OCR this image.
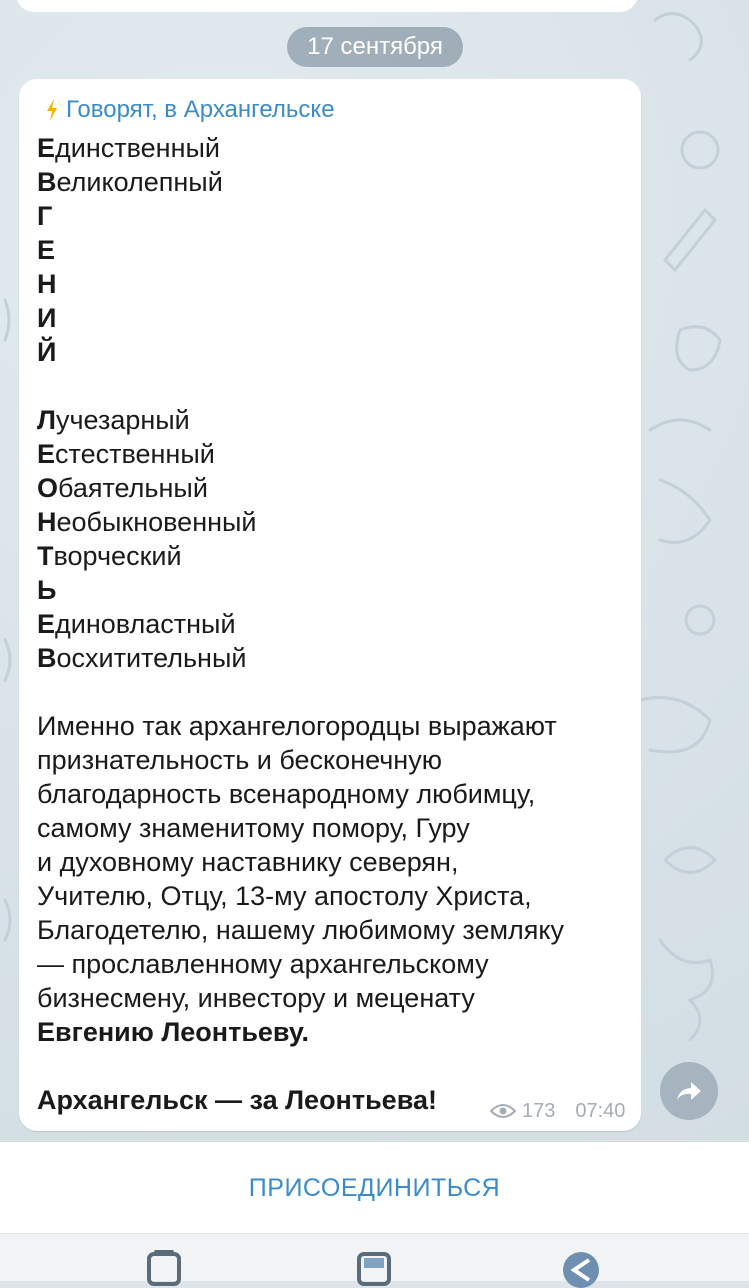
17 сентября
Говорят, в Архангельске
Единственный
Великолепный
Г
Е
Н
И
Й
Лучезарный
Естественный
Обаятельный
Необыкновенный
Творческий
Ь
Единовластный
Восхитительный
Именно так архангелогородцы выражают
признательность и бесконечную
благодарность всенародному любимцу,
самому знаменитому помору, Гуру
и духовному наставнику северян,
Учителю, Отцу, 13-му апостолу Христа,
Благодетелю, нашему любимому земляку
— прославленному архангельскому
бизнесмену, инвестору и меценату
Евгению Леонтьеву.
Архангельск — за Леонтьева!	173 07:40
ПРИСОЕДИНИТЬСЯ
